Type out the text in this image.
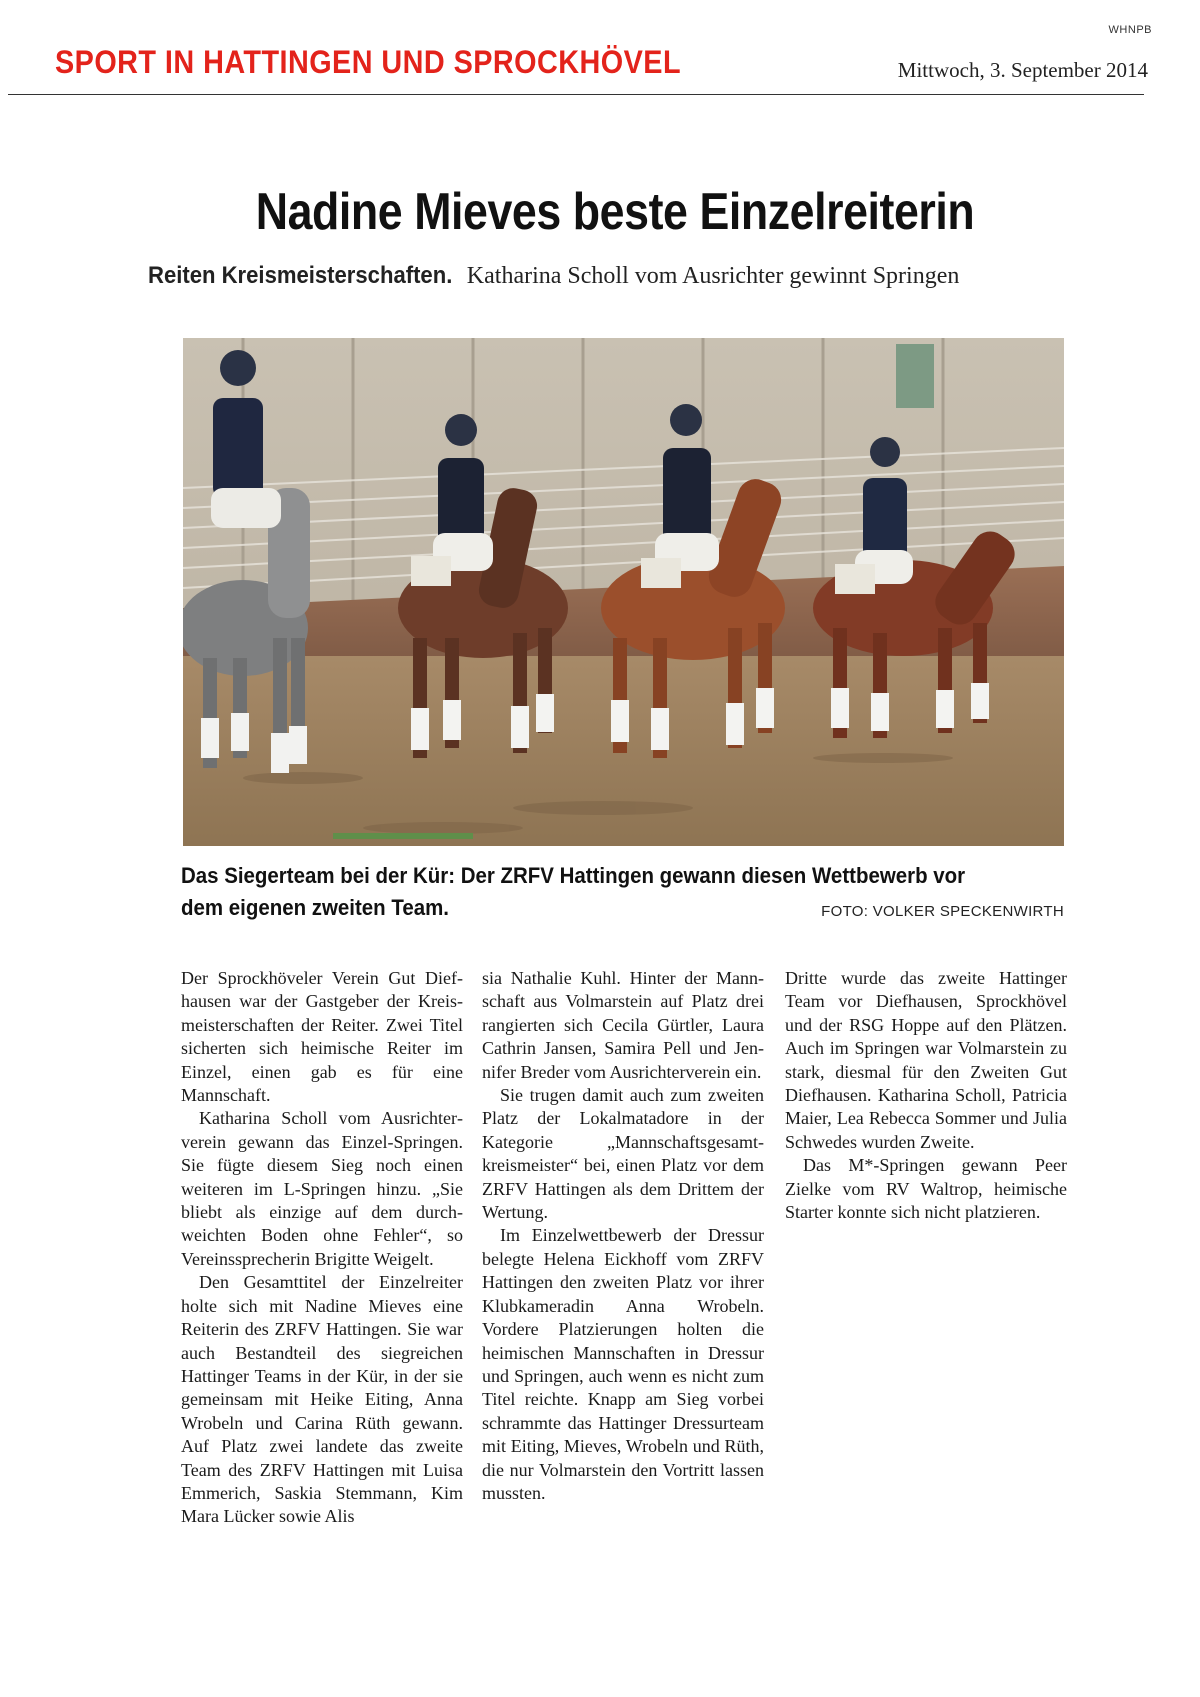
WHNPB
SPORT IN HATTINGEN UND SPROCKHÖVEL	Mittwoch, 3. September 2014
Nadine Mieves beste Einzelreiterin
Reiten Kreismeisterschaften. Katharina Scholl vom Ausrichter gewinnt Springen
Das Siegerteam bei der Kür: Der ZRFV Hattingen gewann diesen Wettbewerb vor dem eigenen zweiten Team.	FOTO: VOLKER SPECKENWIRTH

Der Sprockhöveler Verein Gut Diefhausen war der Gastgeber der Kreismeisterschaften der Reiter. Zwei Titel sicherten sich heimische Reiter im Einzel, einen gab es für eine Mannschaft.

Katharina Scholl vom Ausrichterverein gewann das Einzel-Springen. Sie fügte diesem Sieg noch einen weiteren im L-Springen hinzu. „Sie bliebt als einzige auf dem durchweichten Boden ohne Fehler“, so Vereinssprecherin Brigitte Weigelt.

Den Gesamttitel der Einzelreiter holte sich mit Nadine Mieves eine Reiterin des ZRFV Hattingen. Sie war auch Bestandteil des siegreichen Hattinger Teams in der Kür, in der sie gemeinsam mit Heike Eiting, Anna Wrobeln und Carina Rüth gewann. Auf Platz zwei landete das zweite Team des ZRFV Hattingen mit Luisa Emmerich, Saskia Stemmann, Kim Mara Lücker sowie Alis

sia Nathalie Kuhl. Hinter der Mannschaft aus Volmarstein auf Platz drei rangierten sich Cecila Gürtler, Laura Cathrin Jansen, Samira Pell und Jennifer Breder vom Ausrichterverein ein.

Sie trugen damit auch zum zweiten Platz der Lokalmatadore in der Kategorie „Mannschaftsgesamtkreismeister“ bei, einen Platz vor dem ZRFV Hattingen als dem Drittem der Wertung.

Im Einzelwettbewerb der Dressur belegte Helena Eickhoff vom ZRFV Hattingen den zweiten Platz vor ihrer Klubkameradin Anna Wrobeln. Vordere Platzierungen holten die heimischen Mannschaften in Dressur und Springen, auch wenn es nicht zum Titel reichte. Knapp am Sieg vorbei schrammte das Hattinger Dressurteam mit Eiting, Mieves, Wrobeln und Rüth, die nur Volmarstein den Vortritt lassen mussten.

Dritte wurde das zweite Hattinger Team vor Diefhausen, Sprockhövel und der RSG Hoppe auf den Plätzen. Auch im Springen war Volmarstein zu stark, diesmal für den Zweiten Gut Diefhausen. Katharina Scholl, Patricia Maier, Lea Rebecca Sommer und Julia Schwedes wurden Zweite.

Das M*-Springen gewann Peer Zielke vom RV Waltrop, heimische Starter konnte sich nicht platzieren.
